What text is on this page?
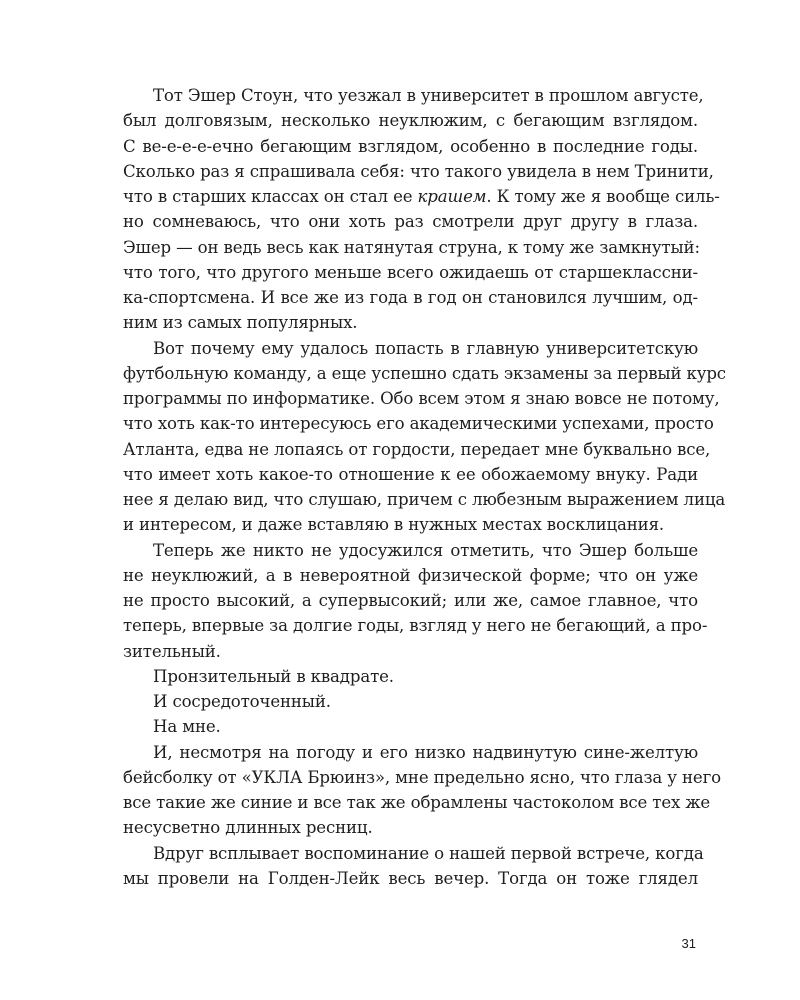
Тот Эшер Стоун, что уезжал в университет в прошлом августе,
был долговязым, несколько неуклюжим, с бегающим взглядом.
С ве-е-е-е-ечно бегающим взглядом, особенно в последние годы.
Сколько раз я спрашивала себя: что такого увидела в нем Тринити,
что в старших классах он стал ее крашем. К тому же я вообще силь-
но сомневаюсь, что они хоть раз смотрели друг другу в глаза.
Эшер — он ведь весь как натянутая струна, к тому же замкнутый:
что того, что другого меньше всего ожидаешь от старшеклассни-
ка-спортсмена. И все же из года в год он становился лучшим, од-
ним из самых популярных.
Вот почему ему удалось попасть в главную университетскую
футбольную команду, а еще успешно сдать экзамены за первый курс
программы по информатике. Обо всем этом я знаю вовсе не потому,
что хоть как-то интересуюсь его академическими успехами, просто
Атланта, едва не лопаясь от гордости, передает мне буквально все,
что имеет хоть какое-то отношение к ее обожаемому внуку. Ради
нее я делаю вид, что слушаю, причем с любезным выражением лица
и интересом, и даже вставляю в нужных местах восклицания.
Теперь же никто не удосужился отметить, что Эшер больше
не неуклюжий, а в невероятной физической форме; что он уже
не просто высокий, а супервысокий; или же, самое главное, что
теперь, впервые за долгие годы, взгляд у него не бегающий, а про-
зительный.
Пронзительный в квадрате.
И сосредоточенный.
На мне.
И, несмотря на погоду и его низко надвинутую сине-желтую
бейсболку от «УКЛА Брюинз», мне предельно ясно, что глаза у него
все такие же синие и все так же обрамлены частоколом все тех же
несусветно длинных ресниц.
Вдруг всплывает воспоминание о нашей первой встрече, когда
мы провели на Голден-Лейк весь вечер. Тогда он тоже глядел
31
